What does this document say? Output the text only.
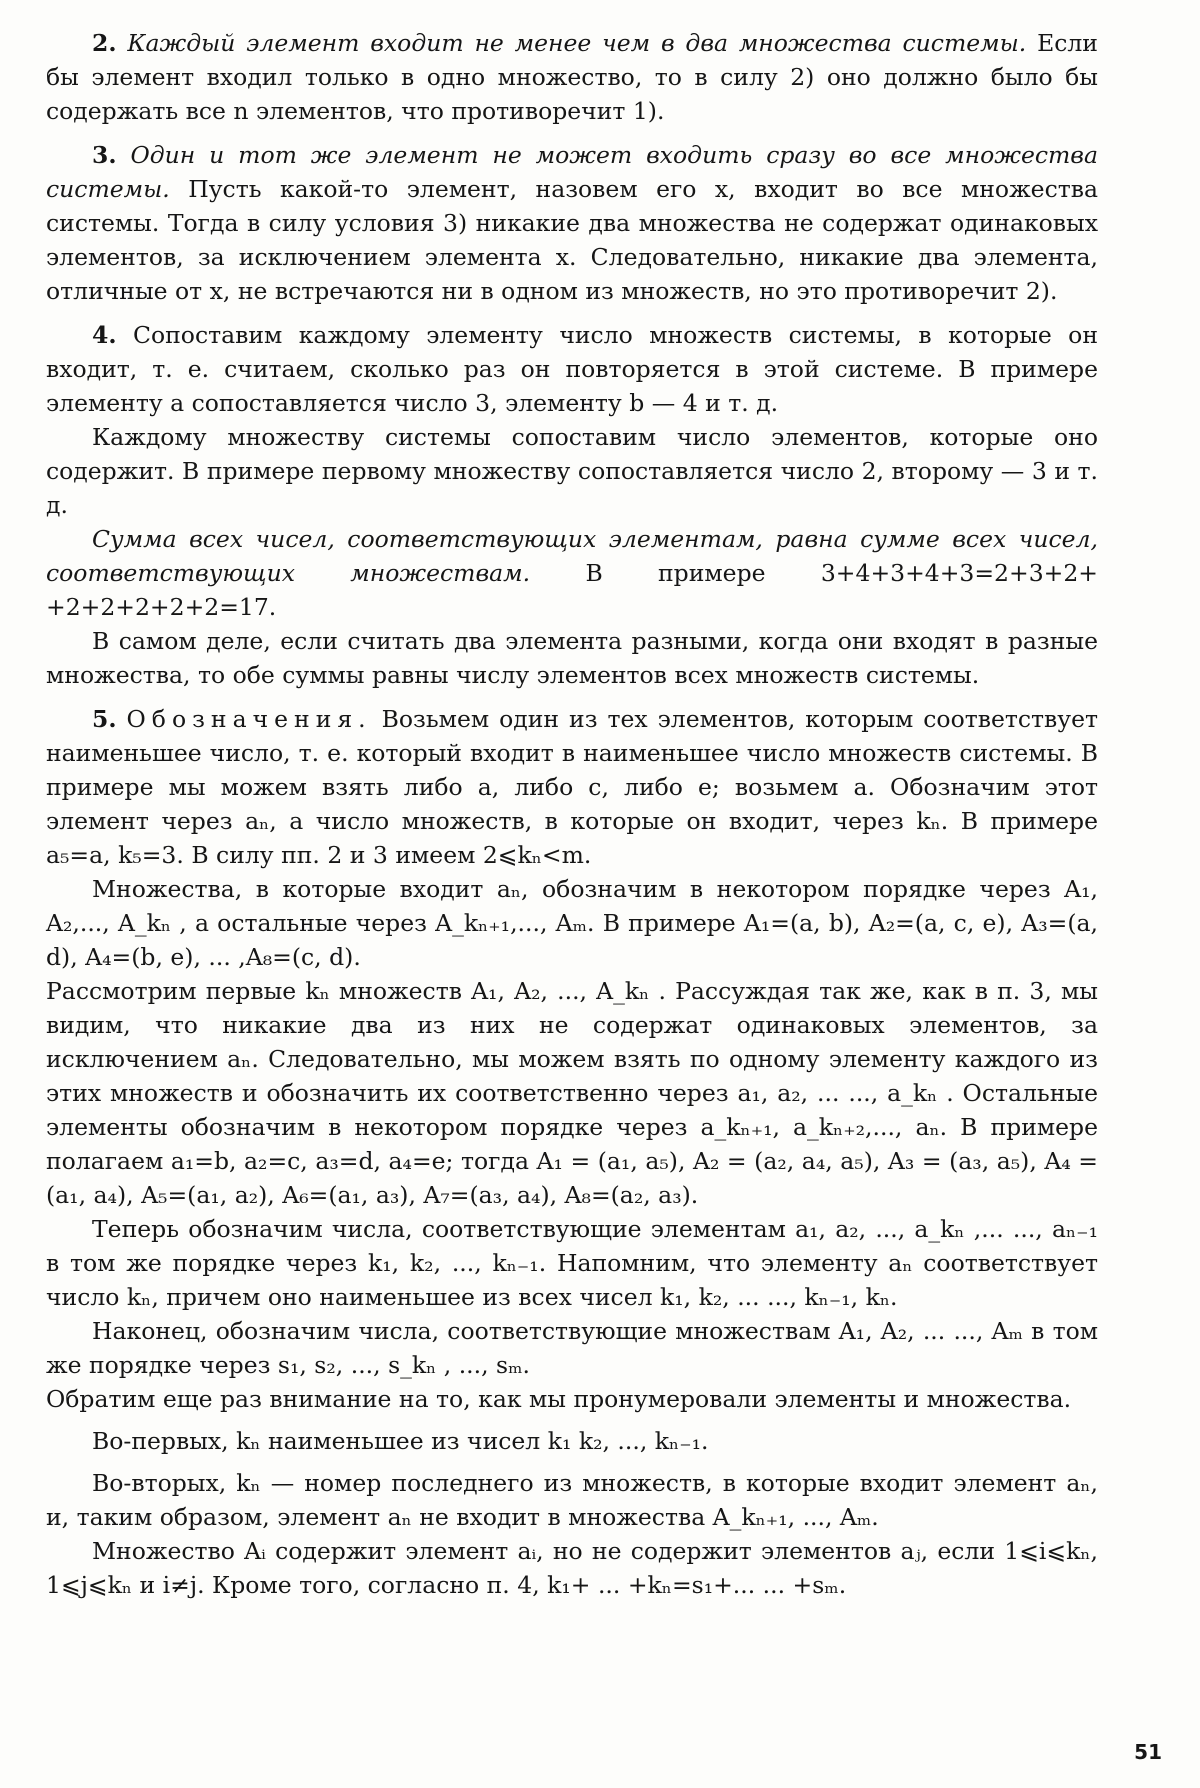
2. Каждый элемент входит не менее чем в два множества системы. Если бы элемент входил только в одно множество, то в силу 2) оно должно было бы содержать все n элементов, что противоречит 1).

3. Один и тот же элемент не может входить сразу во все множества системы. Пусть какой-то элемент, назовем его x, входит во все множества системы. Тогда в силу условия 3) никакие два множества не содержат одинаковых элементов, за исключением элемента x. Следовательно, никакие два элемента, отличные от x, не встречаются ни в одном из множеств, но это противоречит 2).

4. Сопоставим каждому элементу число множеств системы, в которые он входит, т. е. считаем, сколько раз он повторяется в этой системе. В примере элементу a сопоставляется число 3, элементу b — 4 и т. д.

Каждому множеству системы сопоставим число элементов, которые оно содержит. В примере первому множеству сопоставляется число 2, второму — 3 и т. д.

Сумма всех чисел, соответствующих элементам, равна сумме всех чисел, соответствующих множествам. В примере 3+4+3+4+3=2+3+2+ +2+2+2+2+2=17.

В самом деле, если считать два элемента разными, когда они входят в разные множества, то обе суммы равны числу элементов всех множеств системы.

5. Обозначения. Возьмем один из тех элементов, которым соответствует наименьшее число, т. е. который входит в наименьшее число множеств системы. В примере мы можем взять либо a, либо c, либо e; возьмем a. Обозначим этот элемент через aₙ, а число множеств, в которые он входит, через kₙ. В примере a₅=a, k₅=3. В силу пп. 2 и 3 имеем 2⩽kₙ<m.

Множества, в которые входит aₙ, обозначим в некотором порядке через A₁, A₂,..., A_kₙ , а остальные через A_kₙ₊₁,..., Aₘ. В примере A₁=(a, b), A₂=(a, c, e), A₃=(a, d), A₄=(b, e), ... ,A₈=(c, d).

Рассмотрим первые kₙ множеств A₁, A₂, ..., A_kₙ . Рассуждая так же, как в п. 3, мы видим, что никакие два из них не содержат одинаковых элементов, за исключением aₙ. Следовательно, мы можем взять по одному элементу каждого из этих множеств и обозначить их соответственно через a₁, a₂, ... ..., a_kₙ . Остальные элементы обозначим в некотором порядке через a_kₙ₊₁, a_kₙ₊₂,..., aₙ. В примере полагаем a₁=b, a₂=c, a₃=d, a₄=e; тогда A₁ = (a₁, a₅), A₂ = (a₂, a₄, a₅), A₃ = (a₃, a₅), A₄ = (a₁, a₄), A₅=(a₁, a₂), A₆=(a₁, a₃), A₇=(a₃, a₄), A₈=(a₂, a₃).

Теперь обозначим числа, соответствующие элементам a₁, a₂, ..., a_kₙ ,... ..., aₙ₋₁ в том же порядке через k₁, k₂, ..., kₙ₋₁. Напомним, что элементу aₙ соответствует число kₙ, причем оно наименьшее из всех чисел k₁, k₂, ... ..., kₙ₋₁, kₙ.

Наконец, обозначим числа, соответствующие множествам A₁, A₂, ... ..., Aₘ в том же порядке через s₁, s₂, ..., s_kₙ , ..., sₘ.

Обратим еще раз внимание на то, как мы пронумеровали элементы и множества.

Во-первых, kₙ наименьшее из чисел k₁ k₂, ..., kₙ₋₁.

Во-вторых, kₙ — номер последнего из множеств, в которые входит элемент aₙ, и, таким образом, элемент aₙ не входит в множества A_kₙ₊₁, ..., Aₘ.

Множество Aᵢ содержит элемент aᵢ, но не содержит элементов aⱼ, если 1⩽i⩽kₙ, 1⩽j⩽kₙ и i≠j. Кроме того, согласно п. 4, k₁+ ... +kₙ=s₁+... ... +sₘ.

51
